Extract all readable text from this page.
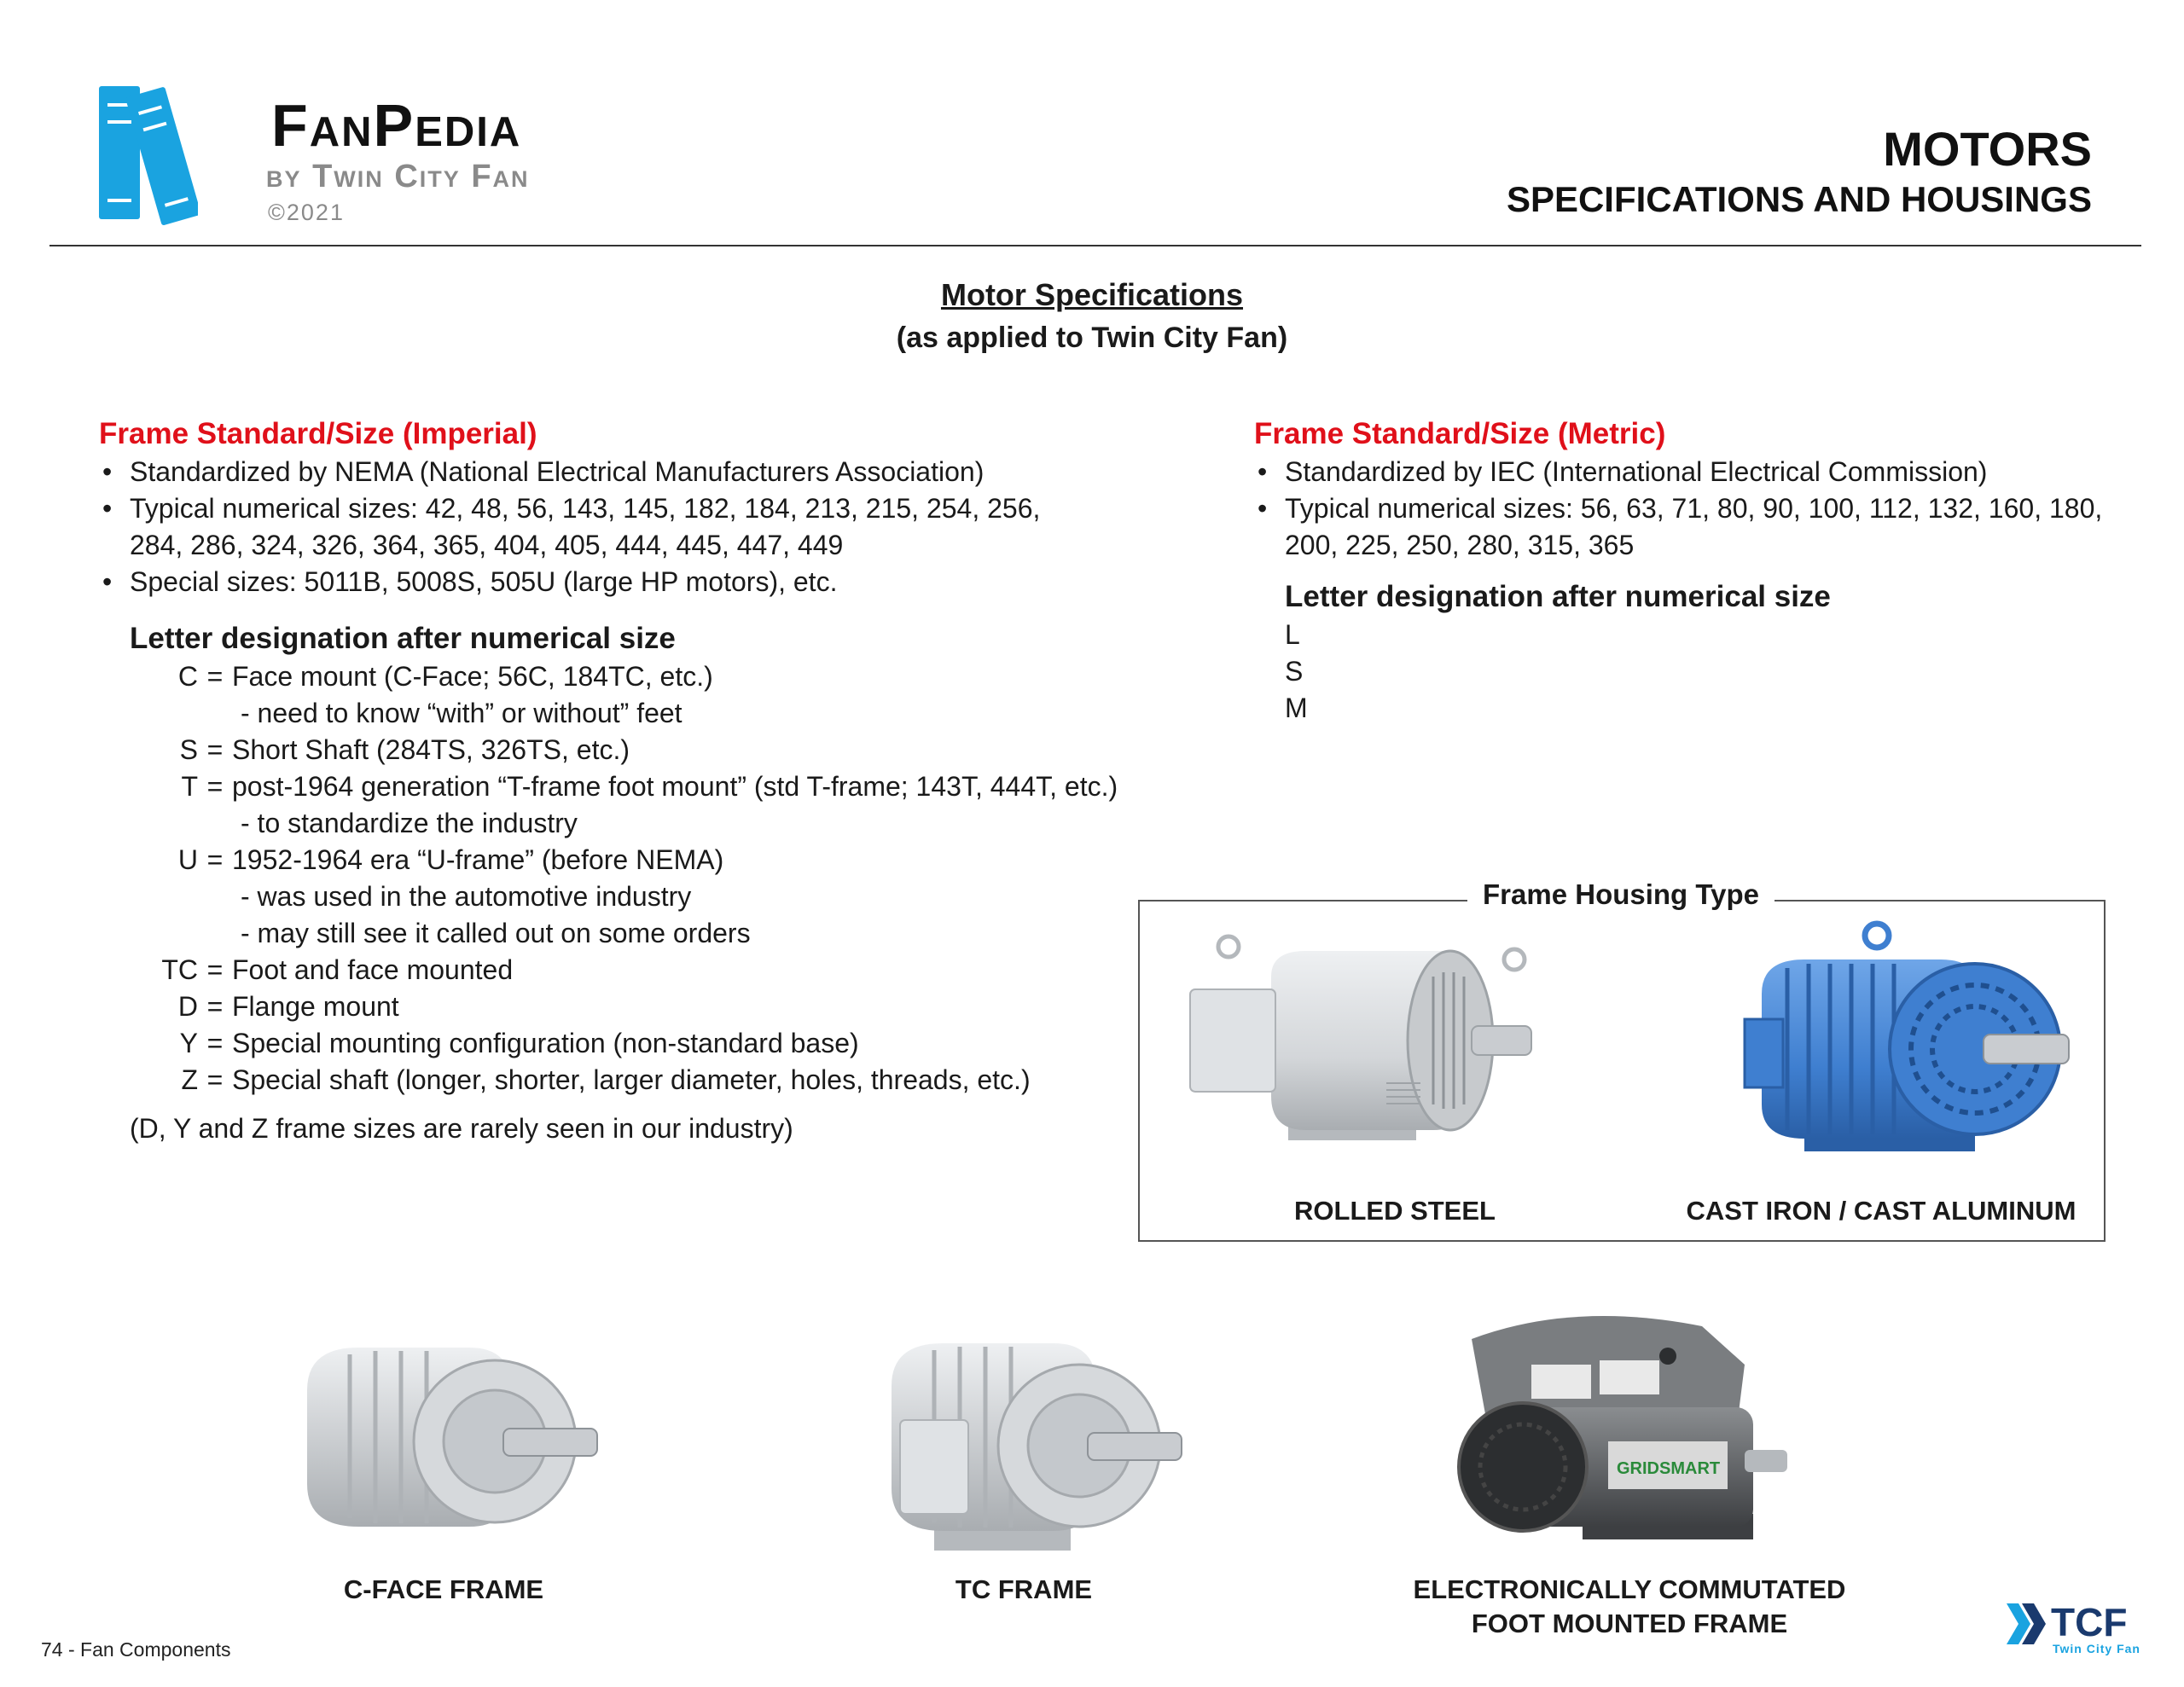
FanPedia
by Twin City Fan
©2021
MOTORS
SPECIFICATIONS AND HOUSINGS
Motor Specifications
(as applied to Twin City Fan)
Frame Standard/Size (Imperial)
• Standardized by NEMA (National Electrical Manufacturers Association)
• Typical numerical sizes: 42, 48, 56, 143, 145, 182, 184, 213, 215, 254, 256, 284, 286, 324, 326, 364, 365, 404, 405, 444, 445, 447, 449
• Special sizes: 5011B, 5008S, 505U (large HP motors), etc.
Letter designation after numerical size
C = Face mount (C-Face; 56C, 184TC, etc.)
- need to know “with” or without” feet
S = Short Shaft (284TS, 326TS, etc.)
T = post-1964 generation “T-frame foot mount” (std T-frame; 143T, 444T, etc.)
- to standardize the industry
U = 1952-1964 era “U-frame” (before NEMA)
- was used in the automotive industry
- may still see it called out on some orders
TC = Foot and face mounted
D = Flange mount
Y = Special mounting configuration (non-standard base)
Z = Special shaft (longer, shorter, larger diameter, holes, threads, etc.)
(D, Y and Z frame sizes are rarely seen in our industry)
Frame Standard/Size (Metric)
• Standardized by IEC (International Electrical Commission)
• Typical numerical sizes: 56, 63, 71, 80, 90, 100, 112, 132, 160, 180, 200, 225, 250, 280, 315, 365
Letter designation after numerical size
L
S
M
Frame Housing Type
ROLLED STEEL	CAST IRON / CAST ALUMINUM
GRIDSMART
C-FACE FRAME	TC FRAME	ELECTRONICALLY COMMUTATED
FOOT MOUNTED FRAME
74 - Fan Components
TCF
Twin City Fan
